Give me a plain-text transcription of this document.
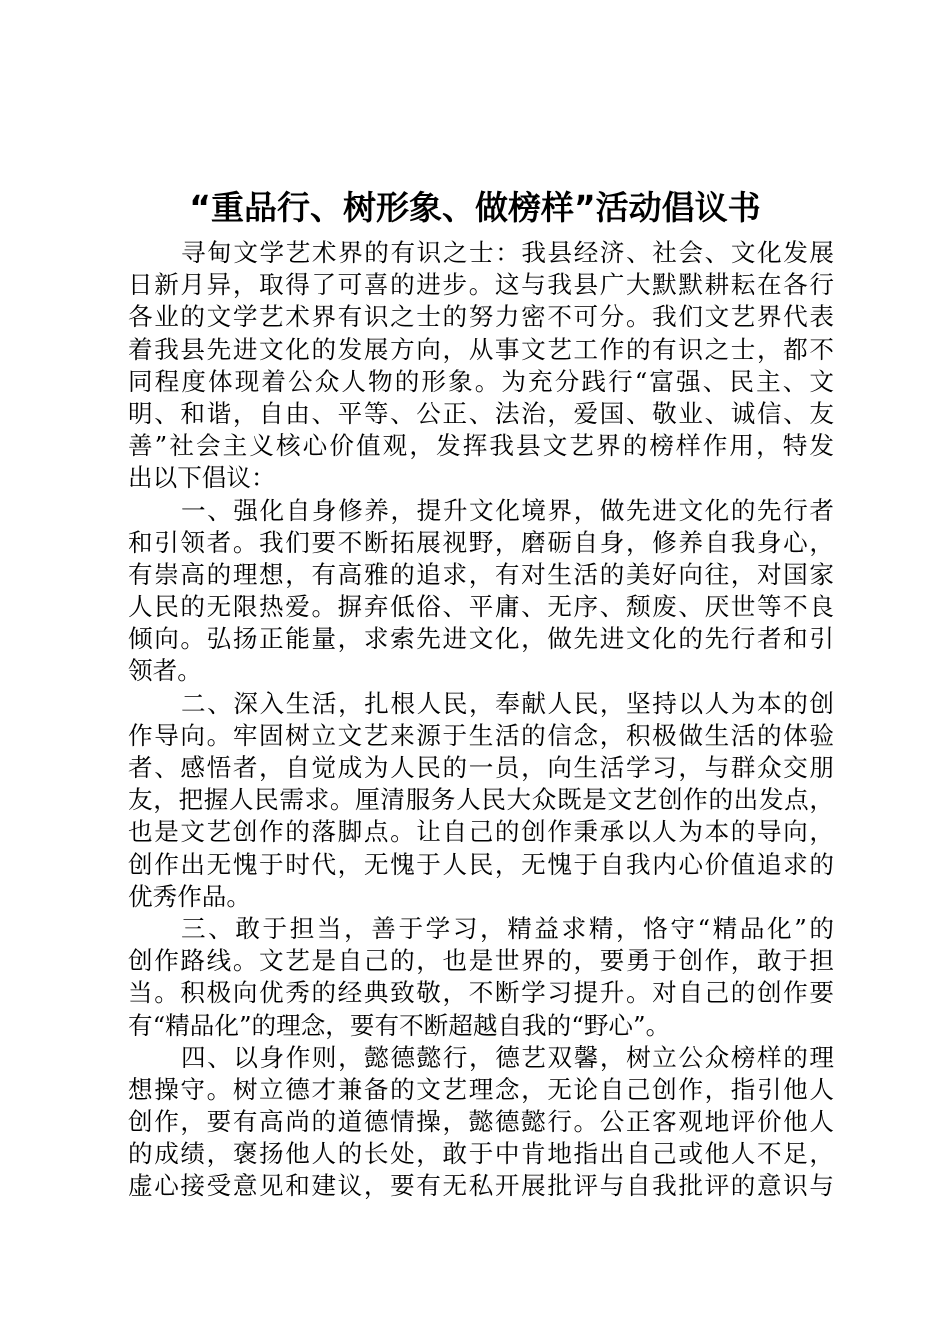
“重品行、树形象、做榜样”活动倡议书
寻甸文学艺术界的有识之士：我县经济、社会、文化发展
日新月异，取得了可喜的进步。这与我县广大默默耕耘在各行
各业的文学艺术界有识之士的努力密不可分。我们文艺界代表
着我县先进文化的发展方向，从事文艺工作的有识之士，都不
同程度体现着公众人物的形象。为充分践行“富强、民主、文
明、和谐，自由、平等、公正、法治，爱国、敬业、诚信、友
善”社会主义核心价值观，发挥我县文艺界的榜样作用，特发
出以下倡议：
一、强化自身修养，提升文化境界，做先进文化的先行者
和引领者。我们要不断拓展视野，磨砺自身，修养自我身心，
有崇高的理想，有高雅的追求，有对生活的美好向往，对国家
人民的无限热爱。摒弃低俗、平庸、无序、颓废、厌世等不良
倾向。弘扬正能量，求索先进文化，做先进文化的先行者和引
领者。
二、深入生活，扎根人民，奉献人民，坚持以人为本的创
作导向。牢固树立文艺来源于生活的信念，积极做生活的体验
者、感悟者，自觉成为人民的一员，向生活学习，与群众交朋
友，把握人民需求。厘清服务人民大众既是文艺创作的出发点，
也是文艺创作的落脚点。让自己的创作秉承以人为本的导向，
创作出无愧于时代，无愧于人民，无愧于自我内心价值追求的
优秀作品。
三、敢于担当，善于学习，精益求精，恪守“精品化”的
创作路线。文艺是自己的，也是世界的，要勇于创作，敢于担
当。积极向优秀的经典致敬，不断学习提升。对自己的创作要
有“精品化”的理念，要有不断超越自我的“野心”。
四、以身作则，懿德懿行，德艺双馨，树立公众榜样的理
想操守。树立德才兼备的文艺理念，无论自己创作，指引他人
创作，要有高尚的道德情操，懿德懿行。公正客观地评价他人
的成绩，褒扬他人的长处，敢于中肯地指出自己或他人不足，
虚心接受意见和建议，要有无私开展批评与自我批评的意识与
